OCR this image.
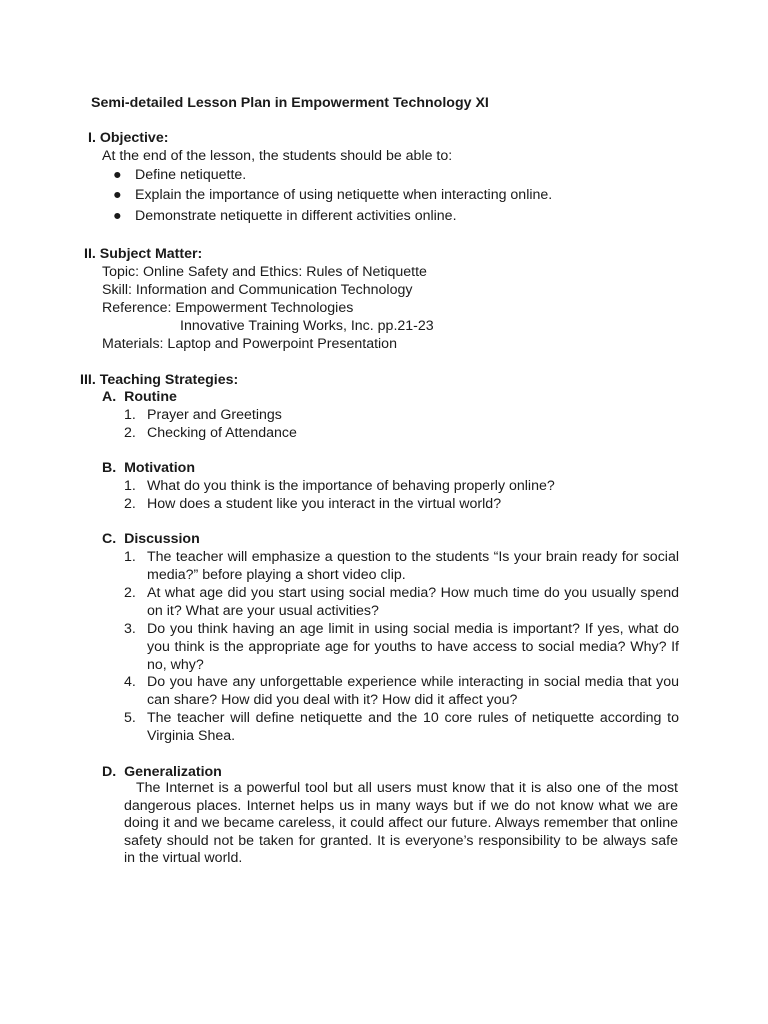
Semi-detailed Lesson Plan in Empowerment Technology XI
I. Objective:
At the end of the lesson, the students should be able to:
● Define netiquette.
● Explain the importance of using netiquette when interacting online.
● Demonstrate netiquette in different activities online.
II. Subject Matter:
Topic: Online Safety and Ethics: Rules of Netiquette
Skill: Information and Communication Technology
Reference: Empowerment Technologies
Innovative Training Works, Inc. pp.21-23
Materials: Laptop and Powerpoint Presentation
III. Teaching Strategies:
A. Routine
1. Prayer and Greetings
2. Checking of Attendance
B. Motivation
1. What do you think is the importance of behaving properly online?
2. How does a student like you interact in the virtual world?
C. Discussion
1. The teacher will emphasize a question to the students “Is your brain ready for social media?” before playing a short video clip.
2. At what age did you start using social media? How much time do you usually spend on it? What are your usual activities?
3. Do you think having an age limit in using social media is important? If yes, what do you think is the appropriate age for youths to have access to social media? Why? If no, why?
4. Do you have any unforgettable experience while interacting in social media that you can share? How did you deal with it? How did it affect you?
5. The teacher will define netiquette and the 10 core rules of netiquette according to Virginia Shea.
D. Generalization
The Internet is a powerful tool but all users must know that it is also one of the most dangerous places. Internet helps us in many ways but if we do not know what we are doing it and we became careless, it could affect our future. Always remember that online safety should not be taken for granted. It is everyone’s responsibility to be always safe in the virtual world.
